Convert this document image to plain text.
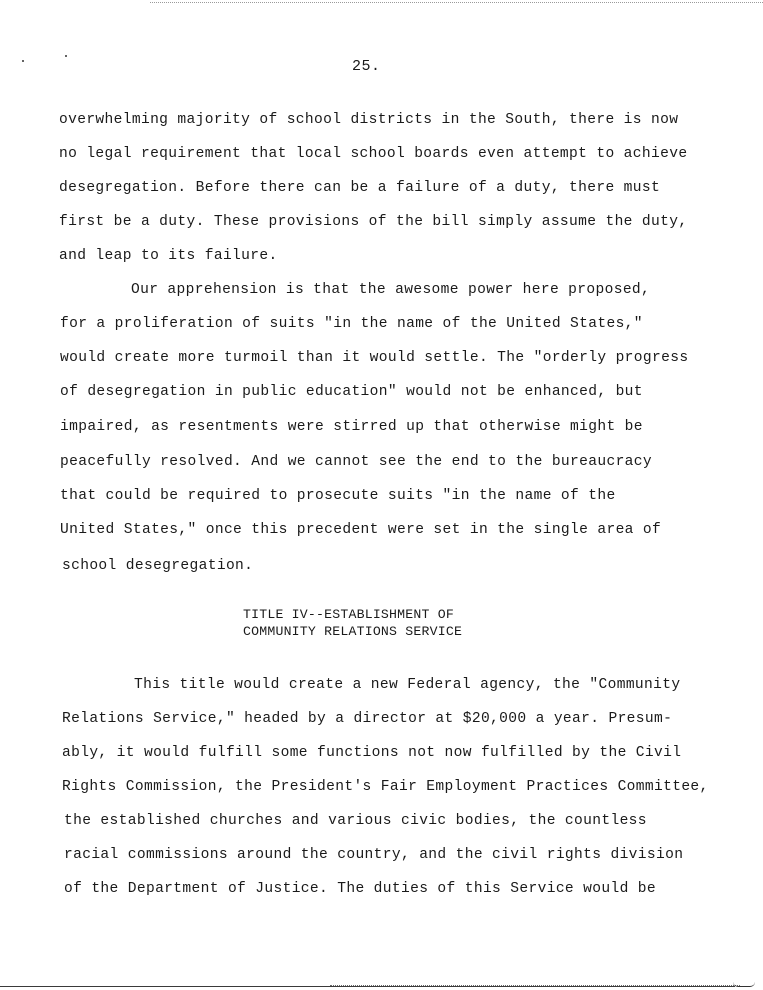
25.
overwhelming majority of school districts in the South, there is now
no legal requirement that local school boards even attempt to achieve
desegregation. Before there can be a failure of a duty, there must
first be a duty. These provisions of the bill simply assume the duty,
and leap to its failure.
Our apprehension is that the awesome power here proposed,
for a proliferation of suits "in the name of the United States,"
would create more turmoil than it would settle. The "orderly progress
of desegregation in public education" would not be enhanced, but
impaired, as resentments were stirred up that otherwise might be
peacefully resolved. And we cannot see the end to the bureaucracy
that could be required to prosecute suits "in the name of the
United States," once this precedent were set in the single area of
school desegregation.
TITLE IV--ESTABLISHMENT OF
COMMUNITY RELATIONS SERVICE
This title would create a new Federal agency, the "Community
Relations Service," headed by a director at $20,000 a year. Presum-
ably, it would fulfill some functions not now fulfilled by the Civil
Rights Commission, the President's Fair Employment Practices Committee,
the established churches and various civic bodies, the countless
racial commissions around the country, and the civil rights division
of the Department of Justice. The duties of this Service would be
